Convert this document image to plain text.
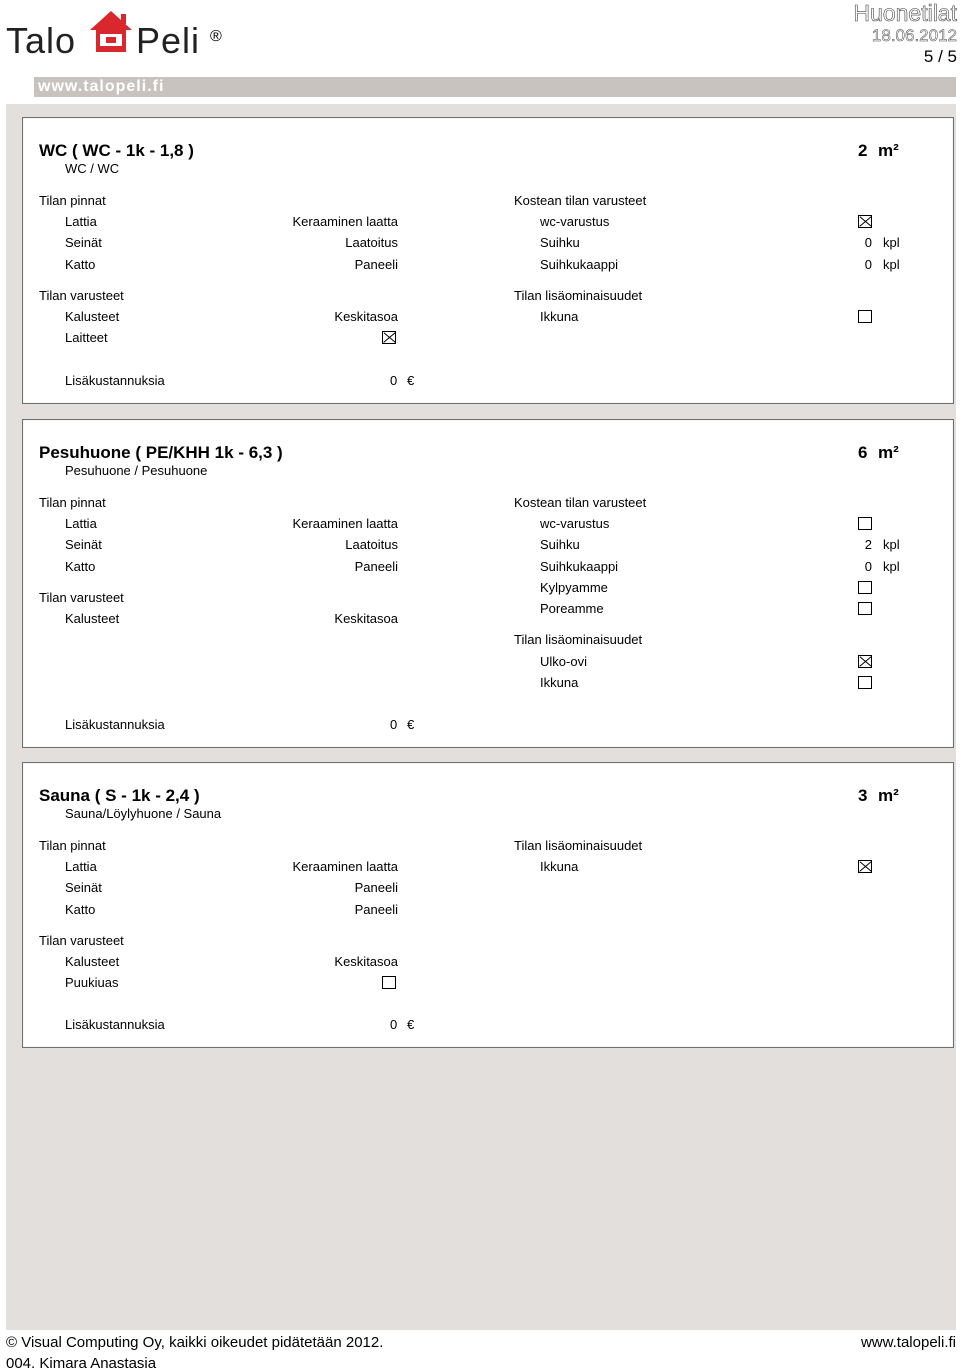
Talo Peli ®
Huonetilat
18.06.2012
5 / 5
www.talopeli.fi
WC ( WC - 1k - 1,8 )
WC / WC
2 m²
Tilan pinnat
Lattia	Keraaminen laatta
Seinät	Laatoitus
Katto	Paneeli
Tilan varusteet
Kalusteet	Keskitasoa
Laitteet
Lisäkustannuksia	0 €
Kostean tilan varusteet
wc-varustus
Suihku	0 kpl
Suihkukaappi	0 kpl
Tilan lisäominaisuudet
Ikkuna
Pesuhuone ( PE/KHH 1k - 6,3 )
Pesuhuone / Pesuhuone
6 m²
Tilan pinnat
Lattia	Keraaminen laatta
Seinät	Laatoitus
Katto	Paneeli
Tilan varusteet
Kalusteet	Keskitasoa
Lisäkustannuksia	0 €
Kostean tilan varusteet
wc-varustus
Suihku	2 kpl
Suihkukaappi	0 kpl
Kylpyamme
Poreamme
Tilan lisäominaisuudet
Ulko-ovi
Ikkuna
Sauna ( S - 1k - 2,4 )
Sauna/Löylyhuone / Sauna
3 m²
Tilan pinnat
Lattia	Keraaminen laatta
Seinät	Paneeli
Katto	Paneeli
Tilan varusteet
Kalusteet	Keskitasoa
Puukiuas
Lisäkustannuksia	0 €
Tilan lisäominaisuudet
Ikkuna
© Visual Computing Oy, kaikki oikeudet pidätetään 2012.	www.talopeli.fi
004. Kimara Anastasia
